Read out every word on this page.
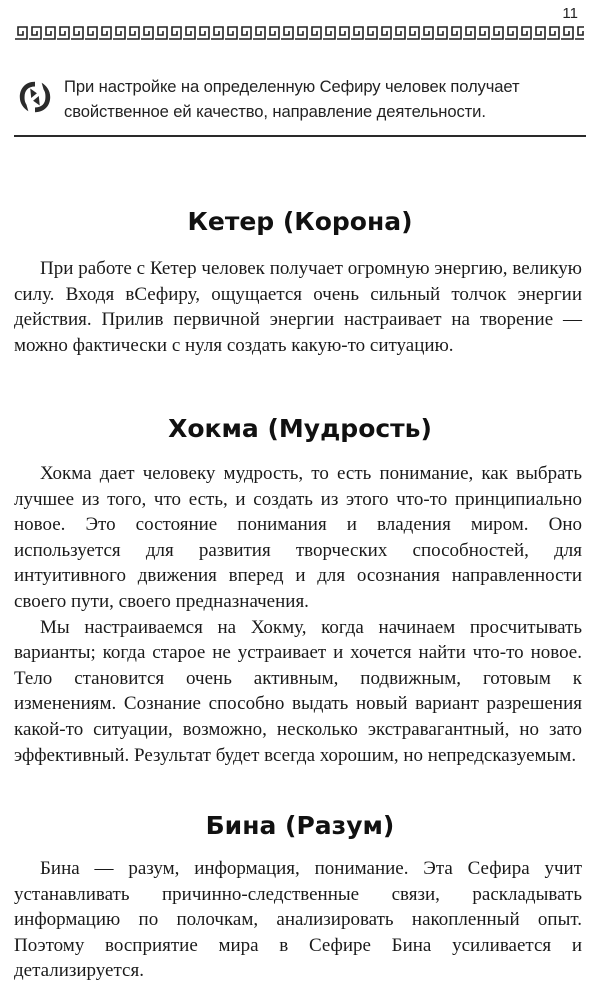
11

При настройке на определенную Сефиру человек получает свойственное ей качество, направление деятельности.

Кетер (Корона)

При работе с Кетер человек получает огромную энергию, великую силу. Входя вСефиру, ощущается очень сильный толчок энергии действия. Прилив первичной энергии настраивает на творение — можно фактически с нуля создать какую-то ситуацию.

Хокма (Мудрость)

Хокма дает человеку мудрость, то есть понимание, как выбрать лучшее из того, что есть, и создать из этого что-то принципиально новое. Это состояние понимания и владения миром. Оно используется для развития творческих способностей, для интуитивного движения вперед и для осознания направленности своего пути, своего предназначения.

Мы настраиваемся на Хокму, когда начинаем просчитывать варианты; когда старое не устраивает и хочется найти что-то новое. Тело становится очень активным, подвижным, готовым к изменениям. Сознание способно выдать новый вариант разрешения какой-то ситуации, возможно, несколько экстравагантный, но зато эффективный. Результат будет всегда хорошим, но непредсказуемым.

Бина (Разум)

Бина — разум, информация, понимание. Эта Сефира учит устанавливать причинно-следственные связи, раскладывать информацию по полочкам, анализировать накопленный опыт. Поэтому восприятие мира в Сефире Бина усиливается и детализируется.
